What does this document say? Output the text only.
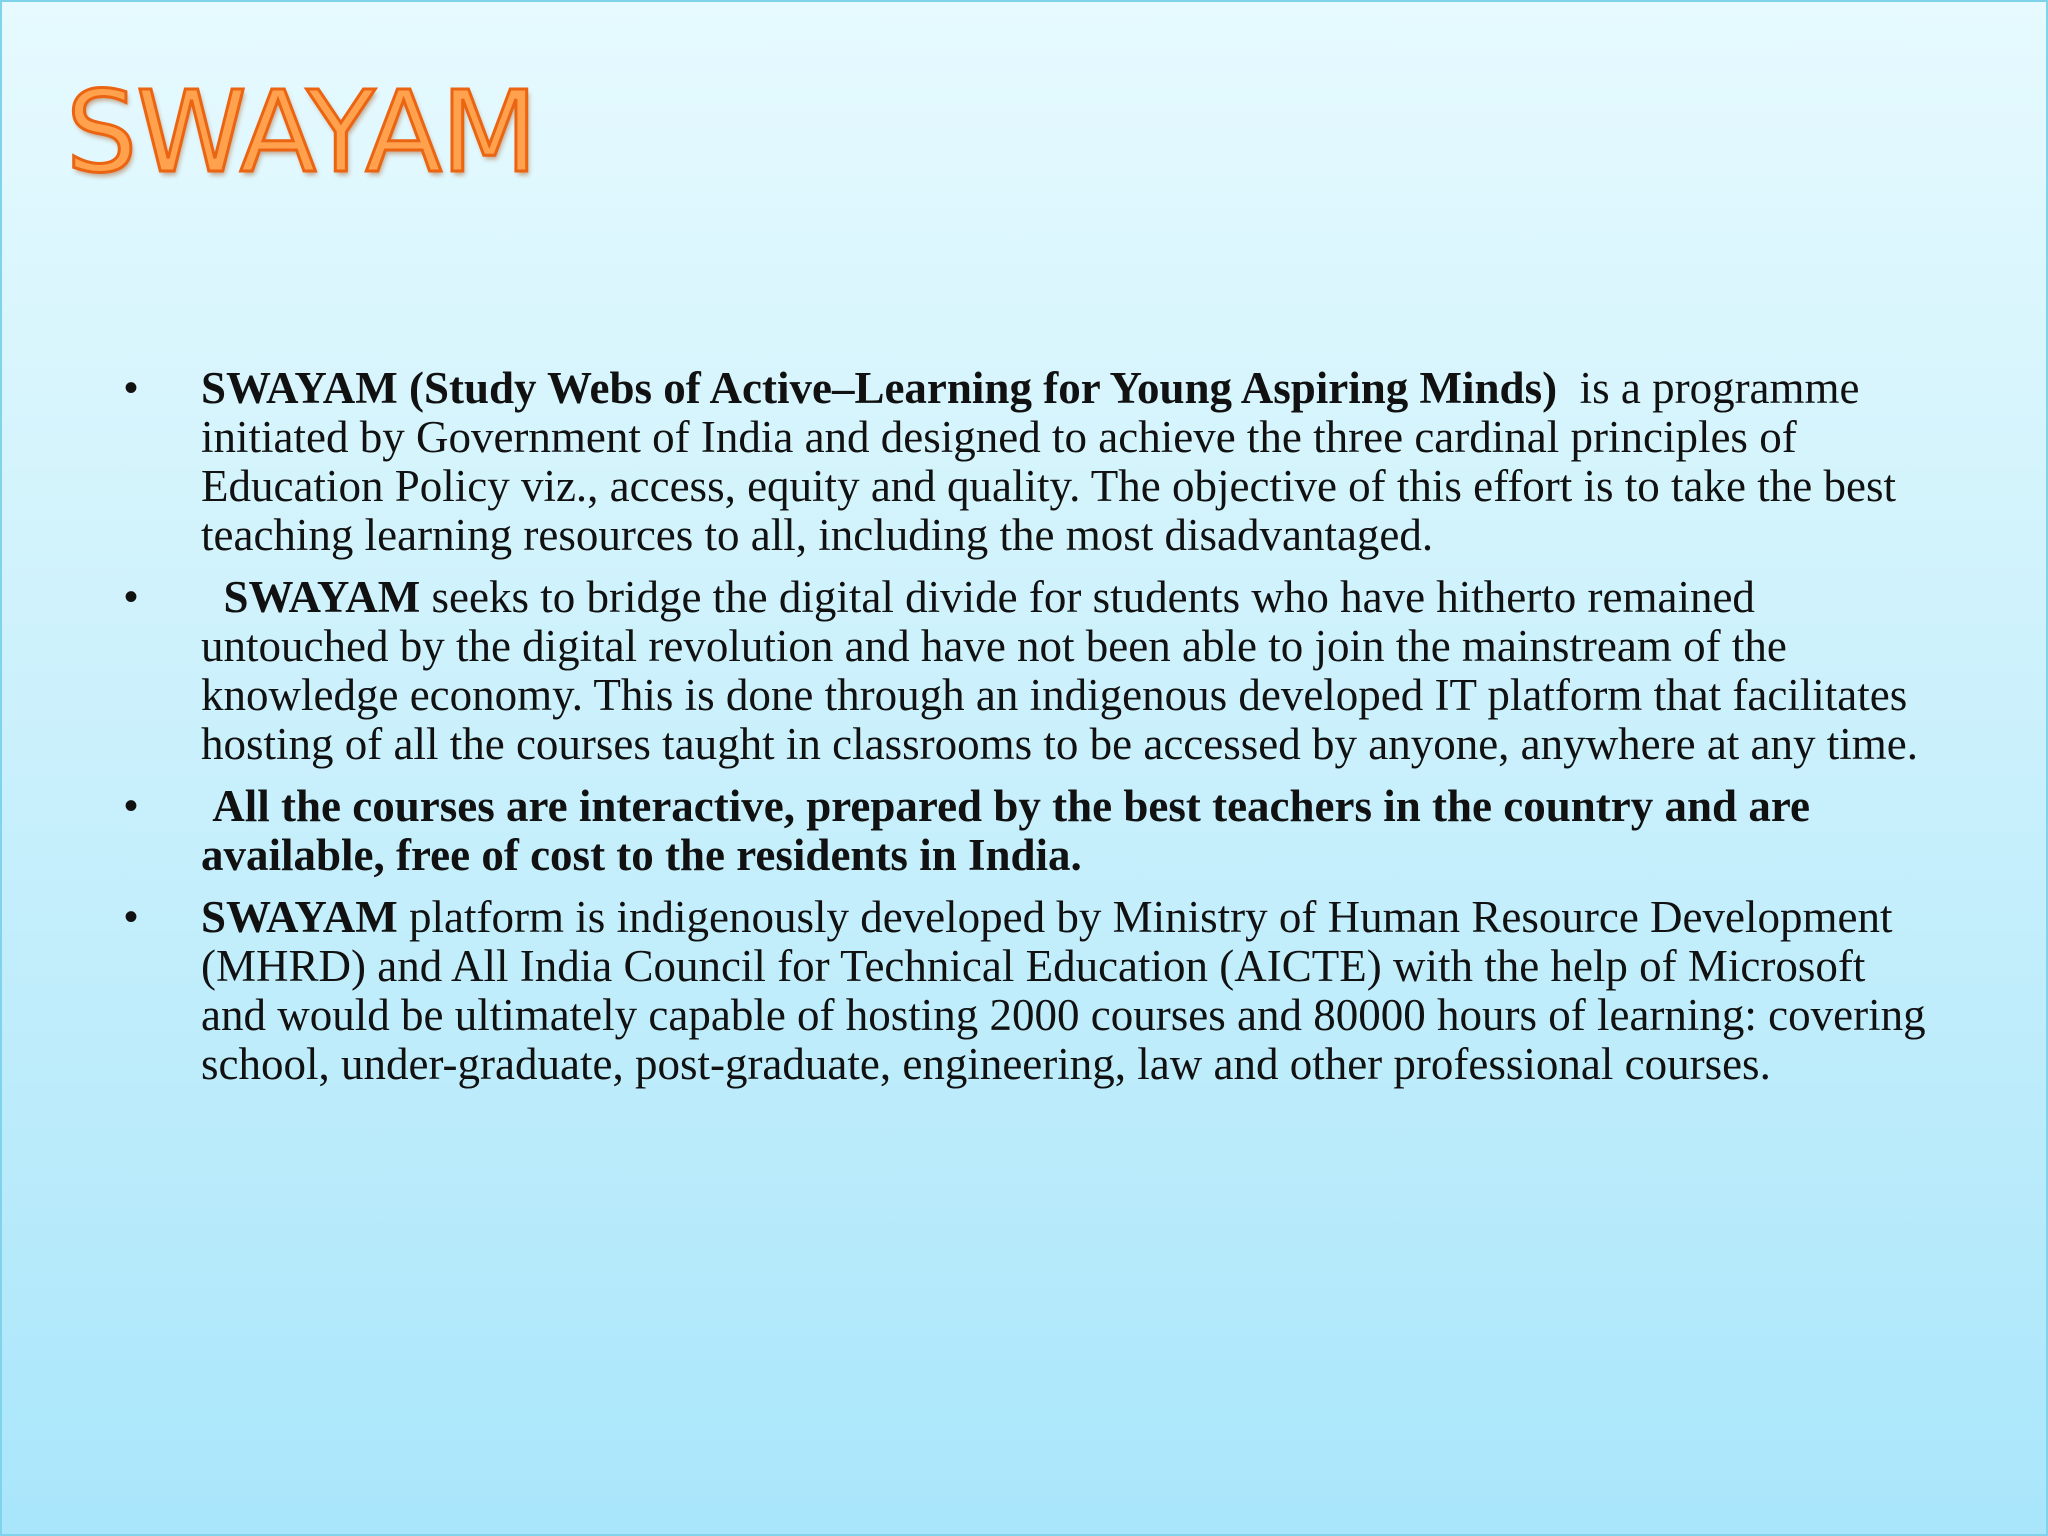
SWAYAM
• SWAYAM (Study Webs of Active–Learning for Young Aspiring Minds)  is a programme initiated by Government of India and designed to achieve the three cardinal principles of Education Policy viz., access, equity and quality. The objective of this effort is to take the best teaching learning resources to all, including the most disadvantaged.
• SWAYAM seeks to bridge the digital divide for students who have hitherto remained untouched by the digital revolution and have not been able to join the mainstream of the knowledge economy. This is done through an indigenous developed IT platform that facilitates hosting of all the courses taught in classrooms to be accessed by anyone, anywhere at any time.
• All the courses are interactive, prepared by the best teachers in the country and are available, free of cost to the residents in India.
• SWAYAM platform is indigenously developed by Ministry of Human Resource Development (MHRD) and All India Council for Technical Education (AICTE) with the help of Microsoft and would be ultimately capable of hosting 2000 courses and 80000 hours of learning: covering school, under-graduate, post-graduate, engineering, law and other professional courses.
